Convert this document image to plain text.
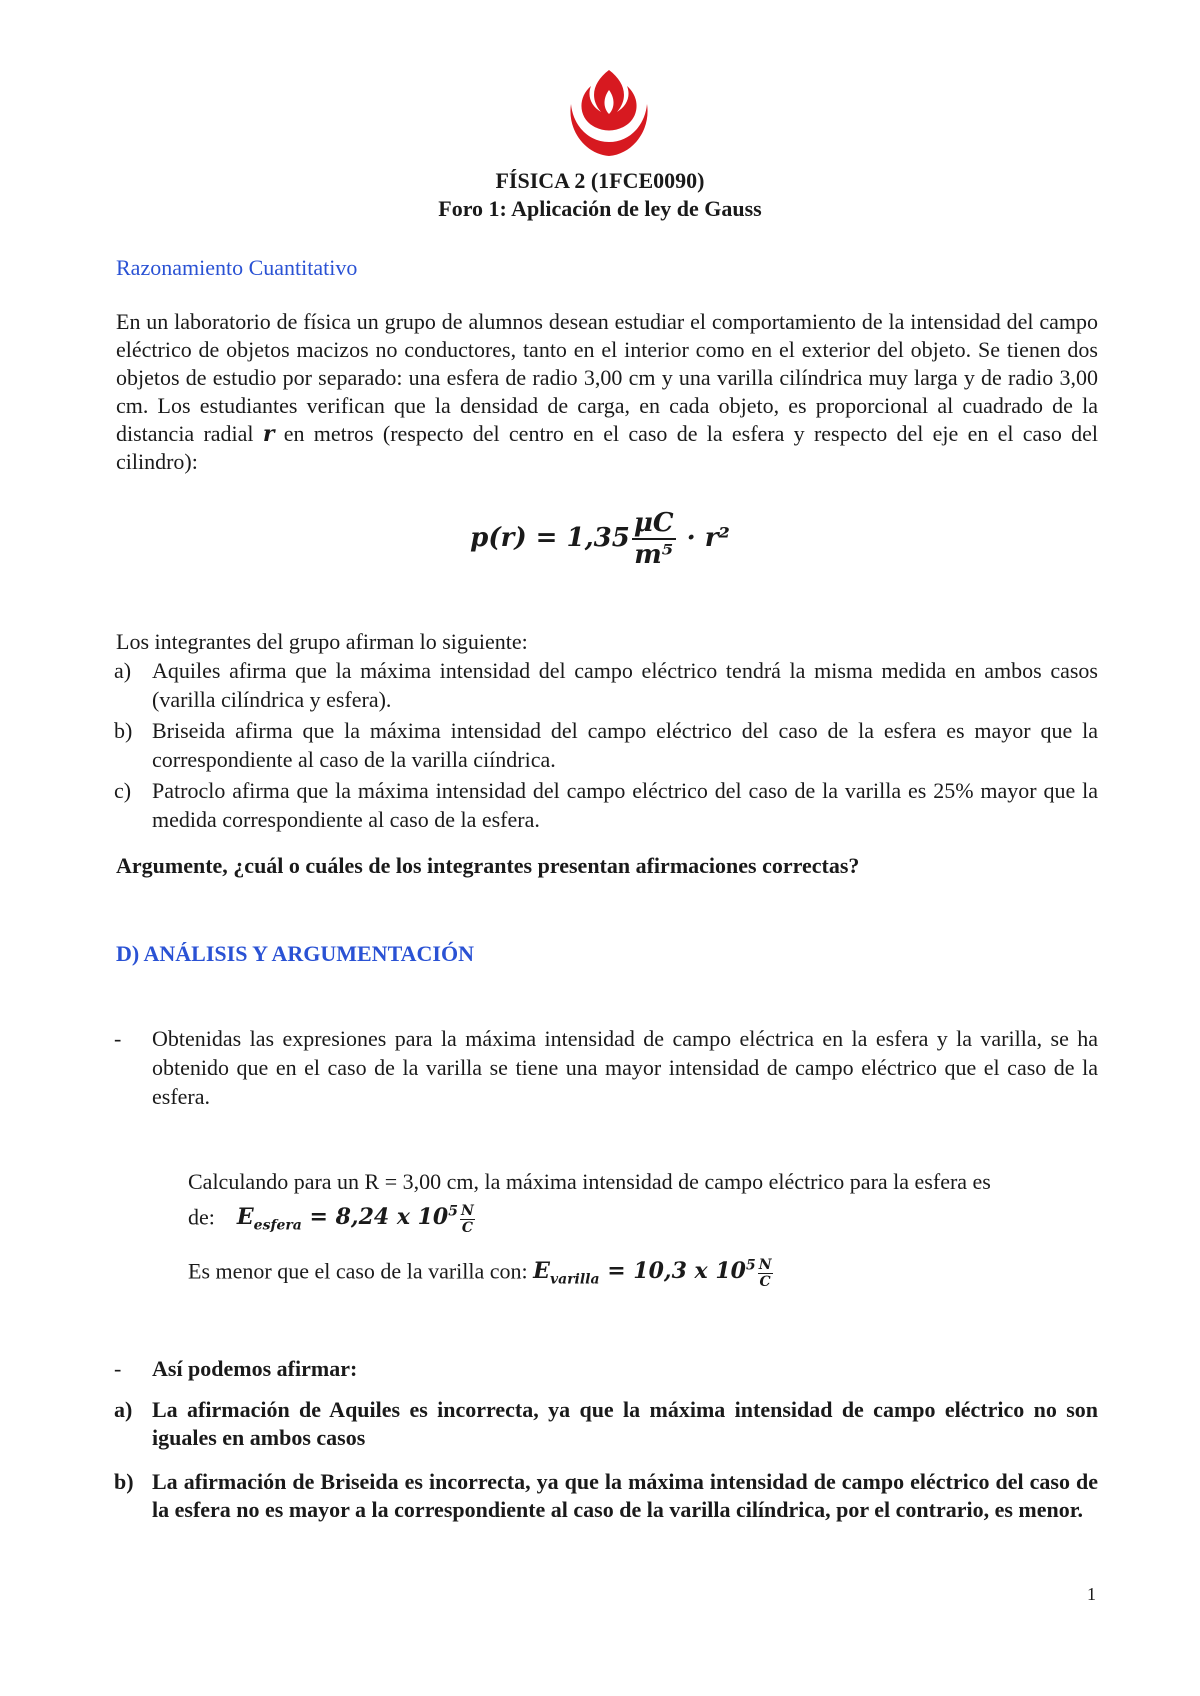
FÍSICA 2 (1FCE0090)
Foro 1: Aplicación de ley de Gauss
Razonamiento Cuantitativo
En un laboratorio de física un grupo de alumnos desean estudiar el comportamiento de la intensidad del campo eléctrico de objetos macizos no conductores, tanto en el interior como en el exterior del objeto. Se tienen dos objetos de estudio por separado: una esfera de radio 3,00 cm y una varilla cilíndrica muy larga y de radio 3,00 cm. Los estudiantes verifican que la densidad de carga, en cada objeto, es proporcional al cuadrado de la distancia radial r en metros (respecto del centro en el caso de la esfera y respecto del eje en el caso del cilindro):
$p(r) = 1,35 \frac{\mu C}{\text{m⁵}} \cdot r^2$
Los integrantes del grupo afirman lo siguiente:
a) Aquiles afirma que la máxima intensidad del campo eléctrico tendrá la misma medida en ambos casos (varilla cilíndrica y esfera).
b) Briseida afirma que la máxima intensidad del campo eléctrico del caso de la esfera es mayor que la correspondiente al caso de la varilla ciíndrica.
c) Patroclo afirma que la máxima intensidad del campo eléctrico del caso de la varilla es 25% mayor que la medida correspondiente al caso de la esfera.
Argumente, ¿cuál o cuáles de los integrantes presentan afirmaciones correctas?
D) ANÁLISIS Y ARGUMENTACIÓN
- Obtenidas las expresiones para la máxima intensidad de campo eléctrica en la esfera y la varilla, se ha obtenido que en el caso de la varilla se tiene una mayor intensidad de campo eléctrico que el caso de la esfera.
Calculando para un R = 3,00 cm, la máxima intensidad de campo eléctrico para la esfera es
de: $E_{esfera} = 8,24$ x $10^5 \frac{N}{C}$
Es menor que el caso de la varilla con: $E_{varilla} = 10,3$ x $10^5 \frac{N}{C}$
- Así podemos afirmar:
a) La afirmación de Aquiles es incorrecta, ya que la máxima intensidad de campo eléctrico no son iguales en ambos casos
b) La afirmación de Briseida es incorrecta, ya que la máxima intensidad de campo eléctrico del caso de la esfera no es mayor a la correspondiente al caso de la varilla cilíndrica, por el contrario, es menor.
1
